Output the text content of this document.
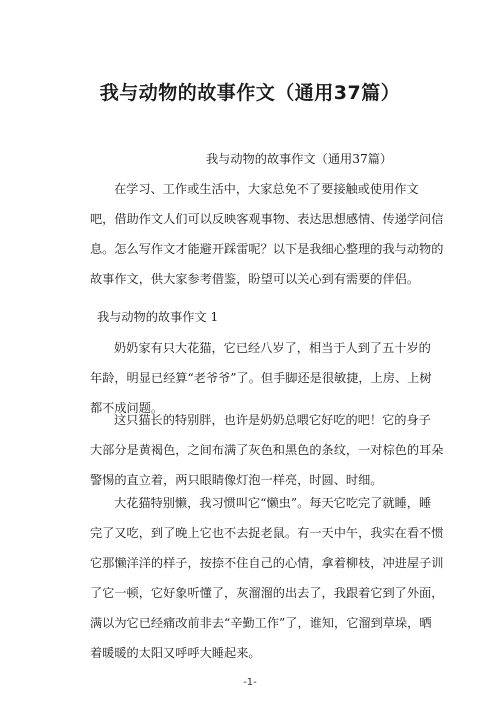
我与动物的故事作文（通用37篇）
我与动物的故事作文（通用37篇）
在学习、工作或生活中，大家总免不了要接触或使用作文
吧，借助作文人们可以反映客观事物、表达思想感情、传递学问信
息。怎么写作文才能避开踩雷呢？以下是我细心整理的我与动物的
故事作文，供大家参考借鉴，盼望可以关心到有需要的伴侣。
我与动物的故事作文 1
奶奶家有只大花猫，它已经八岁了，相当于人到了五十岁的
年龄，明显已经算“老爷爷”了。但手脚还是很敏捷，上房、上树
都不成问题。
这只猫长的特别胖，也许是奶奶总喂它好吃的吧！它的身子
大部分是黄褐色，之间布满了灰色和黑色的条纹，一对棕色的耳朵
警惕的直立着，两只眼睛像灯泡一样亮，时圆、时细。
大花猫特别懒，我习惯叫它“懒虫”。每天它吃完了就睡，睡
完了又吃，到了晚上它也不去捉老鼠。有一天中午，我实在看不惯
它那懒洋洋的样子，按捺不住自己的心情，拿着柳枝，冲进屋子训
了它一顿，它好象听懂了，灰溜溜的出去了，我跟着它到了外面，
满以为它已经痛改前非去“辛勤工作”了，谁知，它溜到草垛，晒
着暖暖的太阳又呼呼大睡起来。
-1-
